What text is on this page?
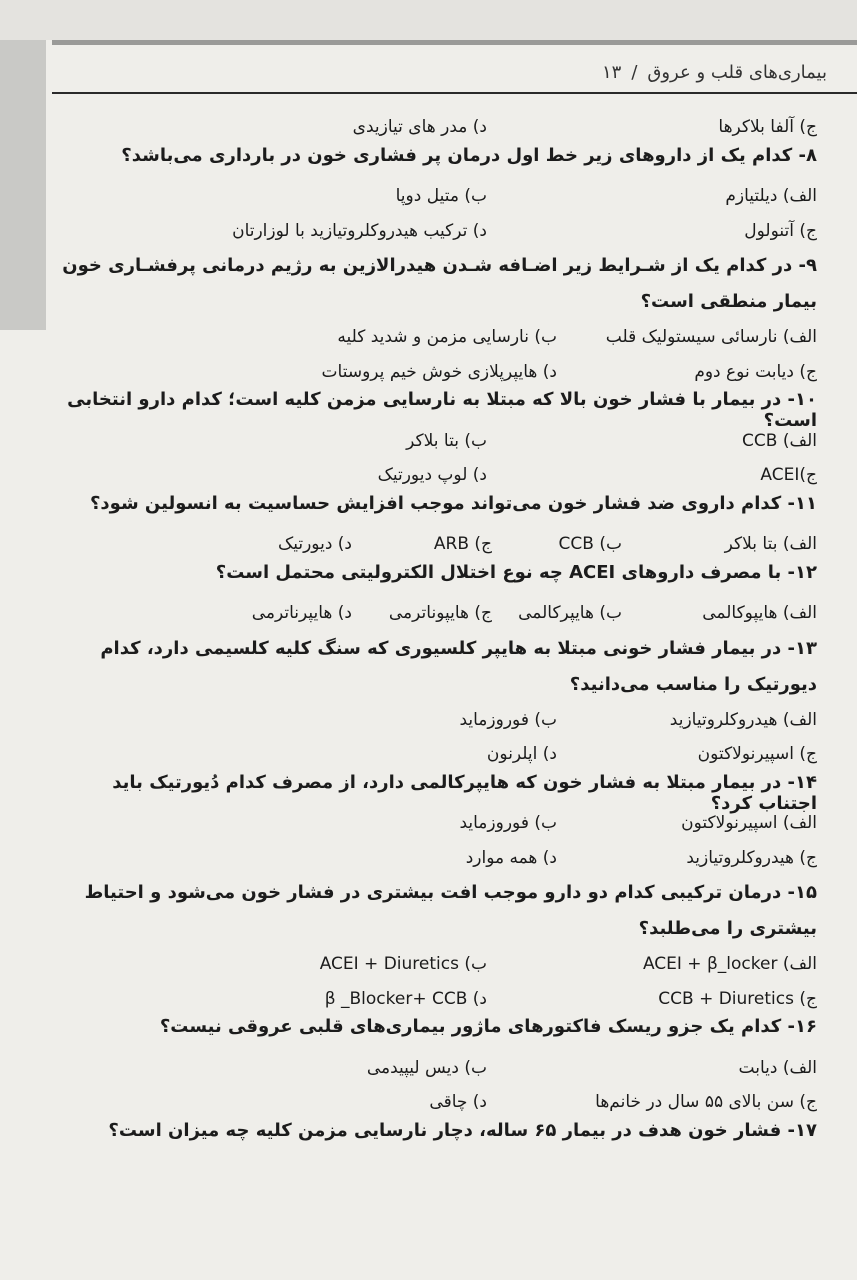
بیماری‌های قلب و عروق
/
۱۳
ج) آلفا بلاکرها
د) مدر های تیازیدی
۸- کدام یک از داروهای زیر خط اول درمان پر فشاری خون در بارداری می‌باشد؟
الف) دیلتیازم
ب) متیل دوپا
ج) آتنولول
د) ترکیب هیدروکلروتیازید با لوزارتان
۹- در کدام یک از شـرایط زیر اضـافه شـدن هیدرالازین به رژیم درمانی پرفشـاری خون بیمار منطقی است؟
الف) نارسائی سیستولیک قلب
ب) نارسایی مزمن و شدید کلیه
ج) دیابت نوع دوم
د) هایپرپلازی خوش خیم پروستات
۱۰- در بیمار با فشار خون بالا که مبتلا به نارسایی مزمن کلیه است؛ کدام دارو انتخابی است؟
الف) CCB
ب) بتا بلاکر
ج)ACEI
د) لوپ دیورتیک
۱۱- کدام داروی ضد فشار خون می‌تواند موجب افزایش حساسیت به انسولین شود؟
الف) بتا بلاکر
ب) CCB
ج) ARB
د) دیورتیک
۱۲- با مصرف داروهای ACEI چه نوع اختلال الکترولیتی محتمل است؟
الف) هایپوکالمی
ب) هایپرکالمی
ج) هایپوناترمی
د) هایپرناترمی
۱۳- در بیمار فشار خونی مبتلا به هایپر کلسیوری که سنگ کلیه کلسیمی دارد، کدام دیورتیک را مناسب می‌دانید؟
الف) هیدروکلروتیازید
ب) فوروزماید
ج) اسپیرنولاکتون
د) اپلرنون
۱۴- در بیمار مبتلا به فشار خون که هایپرکالمی دارد، از مصرف کدام دُیورتیک باید اجتناب کرد؟
الف) اسپیرنولاکتون
ب) فوروزماید
ج) هیدروکلروتیازید
د) همه موارد
۱۵- درمان ترکیبی کدام دو دارو موجب افت بیشتری در فشار خون می‌شود و احتیاط بیشتری را می‌طلبد؟
الف) ACEI + β_locker
ب) ACEI + Diuretics
ج) CCB + Diuretics
د) β _Blocker+ CCB
۱۶- کدام یک جزو ریسک فاکتورهای ماژور بیماری‌های قلبی عروقی نیست؟
الف) دیابت
ب) دیس لیپیدمی
ج) سن بالای ۵۵ سال در خانم‌ها
د) چاقی
۱۷- فشار خون هدف در بیمار ۶۵ ساله، دچار نارسایی مزمن کلیه چه میزان است؟
